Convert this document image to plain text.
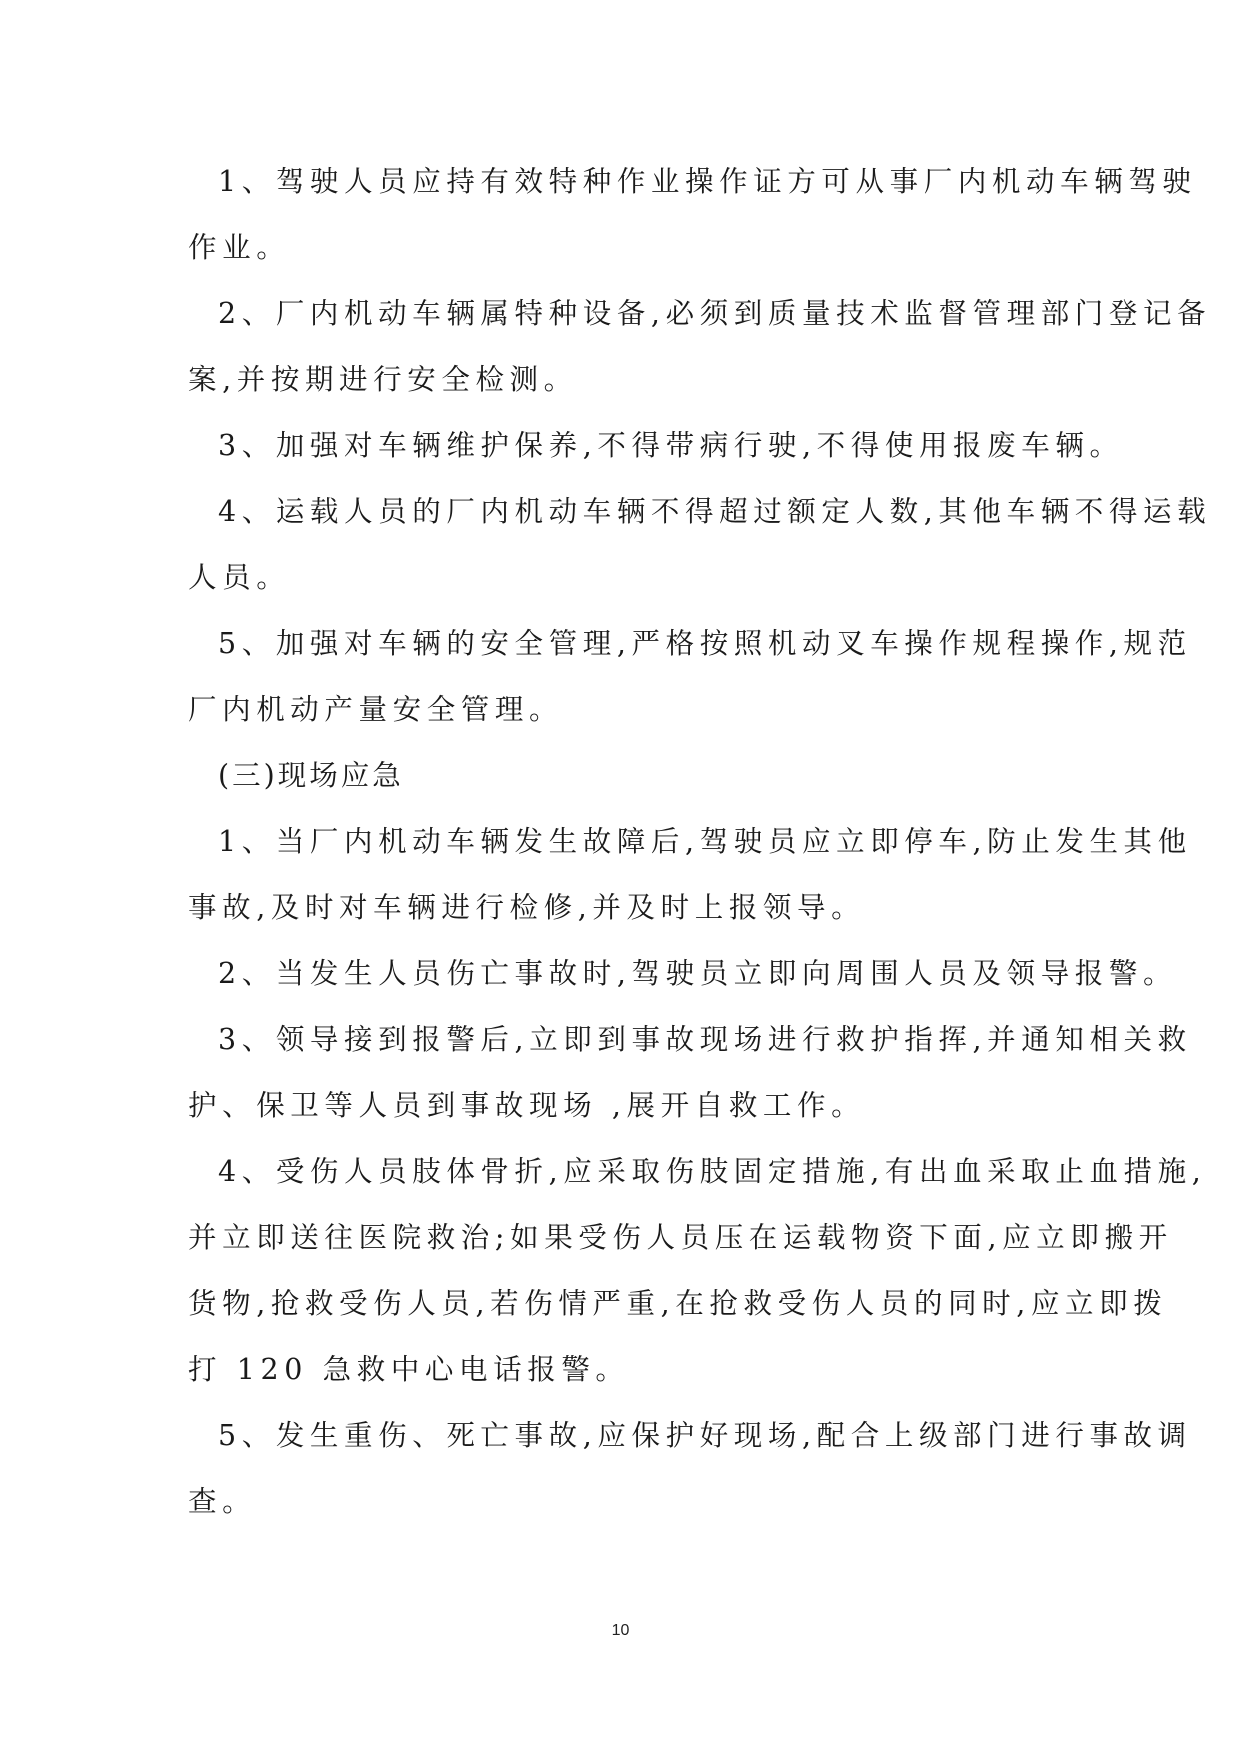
1、驾驶人员应持有效特种作业操作证方可从事厂内机动车辆驾驶
作业。
2、厂内机动车辆属特种设备,必须到质量技术监督管理部门登记备
案,并按期进行安全检测。
3、加强对车辆维护保养,不得带病行驶,不得使用报废车辆。
4、运载人员的厂内机动车辆不得超过额定人数,其他车辆不得运载
人员。
5、加强对车辆的安全管理,严格按照机动叉车操作规程操作,规范
厂内机动产量安全管理。
(三)现场应急
1、当厂内机动车辆发生故障后,驾驶员应立即停车,防止发生其他
事故,及时对车辆进行检修,并及时上报领导。
2、当发生人员伤亡事故时,驾驶员立即向周围人员及领导报警。
3、领导接到报警后,立即到事故现场进行救护指挥,并通知相关救
护、保卫等人员到事故现场 ,展开自救工作。
4、受伤人员肢体骨折,应采取伤肢固定措施,有出血采取止血措施,
并立即送往医院救治;如果受伤人员压在运载物资下面,应立即搬开
货物,抢救受伤人员,若伤情严重,在抢救受伤人员的同时,应立即拨
打 120 急救中心电话报警。
5、发生重伤、死亡事故,应保护好现场,配合上级部门进行事故调
查。
10
